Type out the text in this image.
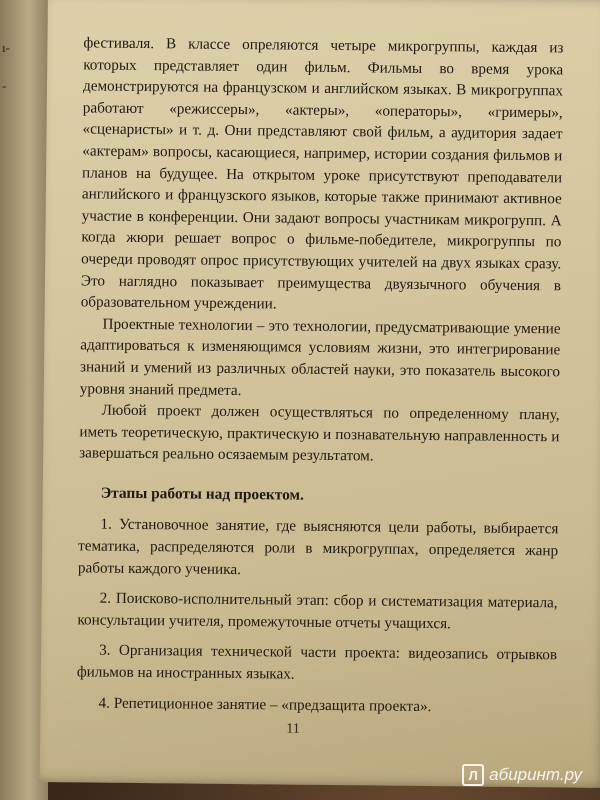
ı-
-

фестиваля. В классе опреляются четыре микрогруппы, каждая из которых представляет один фильм. Фильмы во время урока демонстрируются на французском и английском языках. В микрогруппах работают «режиссеры», «актеры», «операторы», «гримеры», «сценаристы» и т. д. Они представляют свой фильм, а аудитория задает «актерам» вопросы, касающиеся, например, истории создания фильмов и планов на будущее. На открытом уроке присутствуют преподаватели английского и французского языков, которые также принимают активное участие в конференции. Они задают вопросы участникам микрогрупп. А когда жюри решает вопрос о фильме-победителе, микрогруппы по очереди проводят опрос присутствующих учителей на двух языках сразу. Это наглядно показывает преимущества двуязычного обучения в образовательном учреждении.

Проектные технологии – это технологии, предусматривающие умение адаптироваться к изменяющимся условиям жизни, это интегрирование знаний и умений из различных областей науки, это показатель высокого уровня знаний предмета.

Любой проект должен осуществляться по определенному плану, иметь теоретическую, практическую и познавательную направленность и завершаться реально осязаемым результатом.

Этапы работы над проектом.

1. Установочное занятие, где выясняются цели работы, выбирается тематика, распределяются роли в микрогруппах, определяется жанр работы каждого ученика.

2. Поисково-исполнительный этап: сбор и систематизация материала, консультации учителя, промежуточные отчеты учащихся.

3. Организация технической части проекта: видеозапись отрывков фильмов на иностранных языках.

4. Репетиционное занятие – «предзащита проекта».

11
Л абиринт.ру
